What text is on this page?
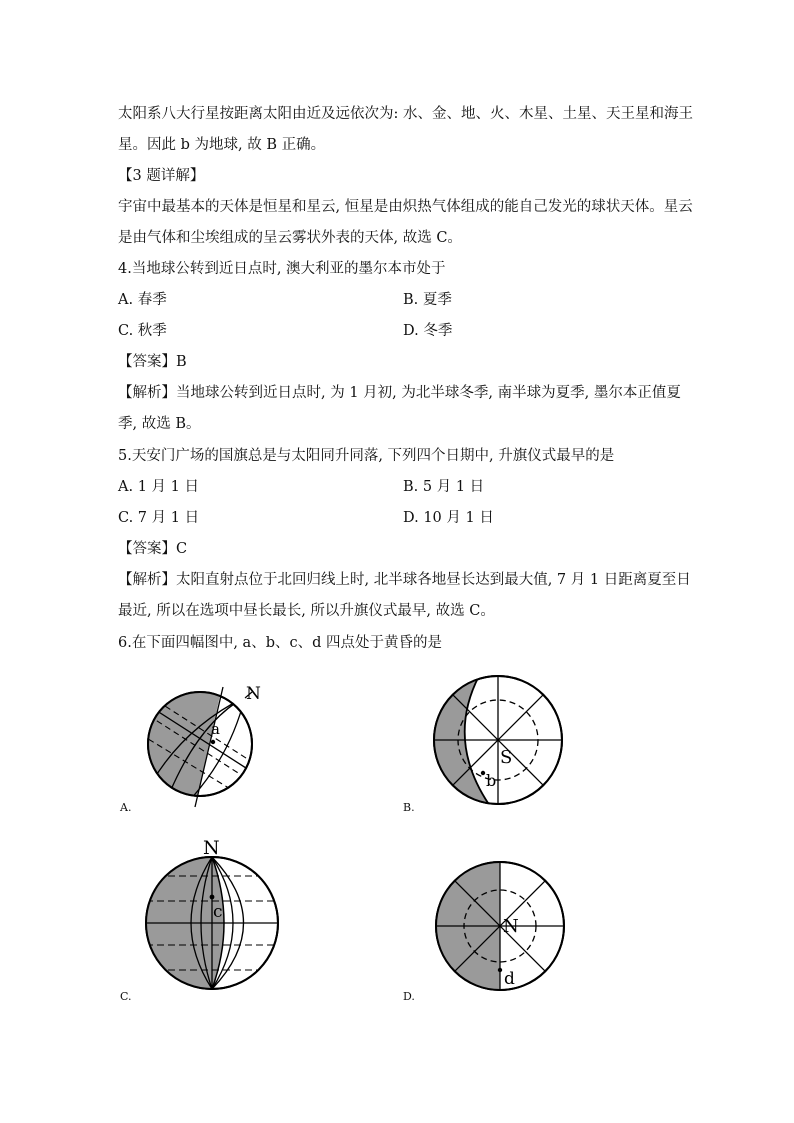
太阳系八大行星按距离太阳由近及远依次为: 水、金、地、火、木星、土星、天王星和海王
星。因此 b 为地球, 故 B 正确。
【3 题详解】
宇宙中最基本的天体是恒星和星云, 恒星是由炽热气体组成的能自己发光的球状天体。星云
是由气体和尘埃组成的呈云雾状外表的天体, 故选 C。
4.当地球公转到近日点时, 澳大利亚的墨尔本市处于
A. 春季	B. 夏季
C. 秋季	D. 冬季
【答案】B
【解析】当地球公转到近日点时, 为 1 月初, 为北半球冬季, 南半球为夏季, 墨尔本正值夏
季, 故选 B。
5.天安门广场的国旗总是与太阳同升同落, 下列四个日期中, 升旗仪式最早的是
A. 1 月 1 日	B. 5 月 1 日
C. 7 月 1 日	D. 10 月 1 日
【答案】C
【解析】太阳直射点位于北回归线上时, 北半球各地昼长达到最大值, 7 月 1 日距离夏至日
最近, 所以在选项中昼长最长, 所以升旗仪式最早, 故选 C。
6.在下面四幅图中, a、b、c、d 四点处于黄昏的是
N
a
A.
S
b
B.
N
c
C.
N
d
D.
